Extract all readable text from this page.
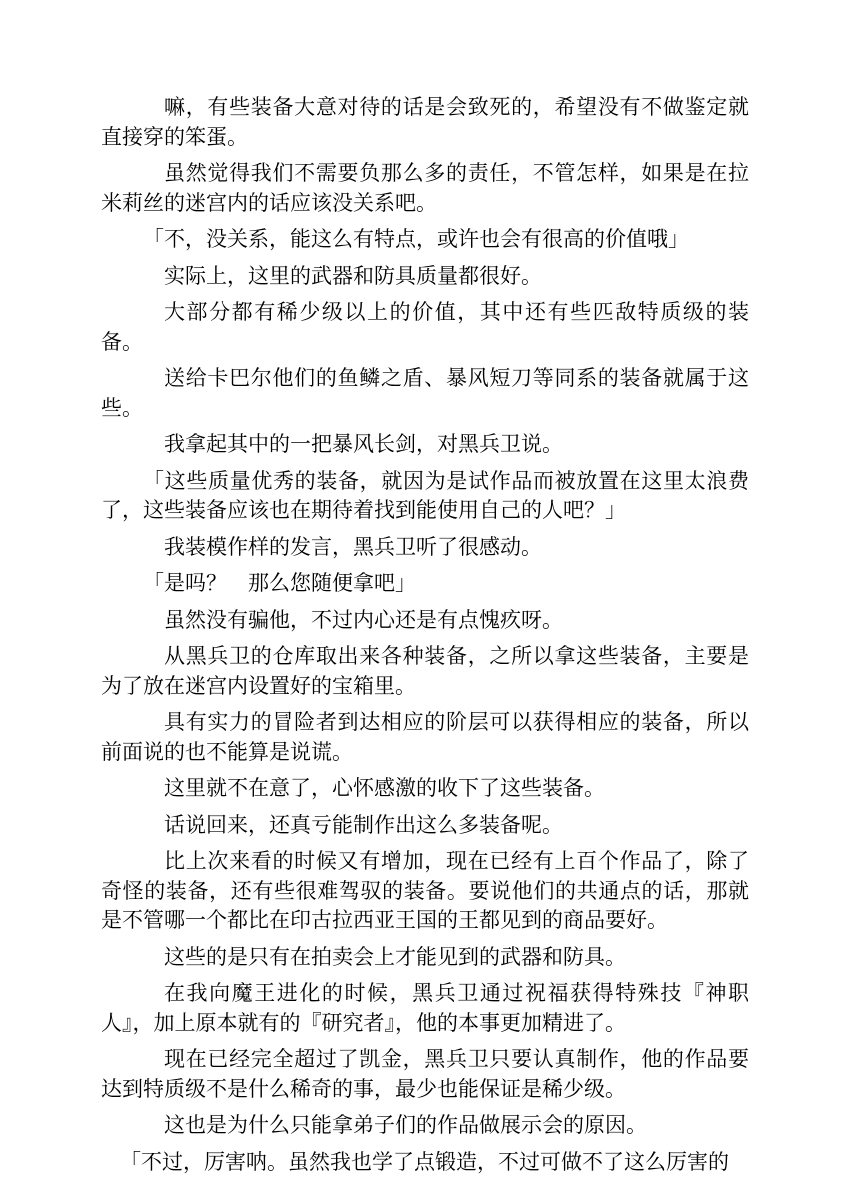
嘛，有些装备大意对待的话是会致死的，希望没有不做鉴定就直接穿的笨蛋。

虽然觉得我们不需要负那么多的责任，不管怎样，如果是在拉米莉丝的迷宫内的话应该没关系吧。

「不，没关系，能这么有特点，或许也会有很高的价值哦」

实际上，这里的武器和防具质量都很好。

大部分都有稀少级以上的价值，其中还有些匹敌特质级的装备。

送给卡巴尔他们的鱼鳞之盾、暴风短刀等同系的装备就属于这些。

我拿起其中的一把暴风长剑，对黑兵卫说。

「这些质量优秀的装备，就因为是试作品而被放置在这里太浪费了，这些装备应该也在期待着找到能使用自己的人吧？」

我装模作样的发言，黑兵卫听了很感动。

「是吗？　那么您随便拿吧」

虽然没有骗他，不过内心还是有点愧疚呀。

从黑兵卫的仓库取出来各种装备，之所以拿这些装备，主要是为了放在迷宫内设置好的宝箱里。

具有实力的冒险者到达相应的阶层可以获得相应的装备，所以前面说的也不能算是说谎。

这里就不在意了，心怀感激的收下了这些装备。

话说回来，还真亏能制作出这么多装备呢。

比上次来看的时候又有增加，现在已经有上百个作品了，除了奇怪的装备，还有些很难驾驭的装备。要说他们的共通点的话，那就是不管哪一个都比在印古拉西亚王国的王都见到的商品要好。

这些的是只有在拍卖会上才能见到的武器和防具。

在我向魔王进化的时候，黑兵卫通过祝福获得特殊技『神职人』，加上原本就有的『研究者』，他的本事更加精进了。

现在已经完全超过了凯金，黑兵卫只要认真制作，他的作品要达到特质级不是什么稀奇的事，最少也能保证是稀少级。

这也是为什么只能拿弟子们的作品做展示会的原因。

「不过，厉害呐。虽然我也学了点锻造，不过可做不了这么厉害的
